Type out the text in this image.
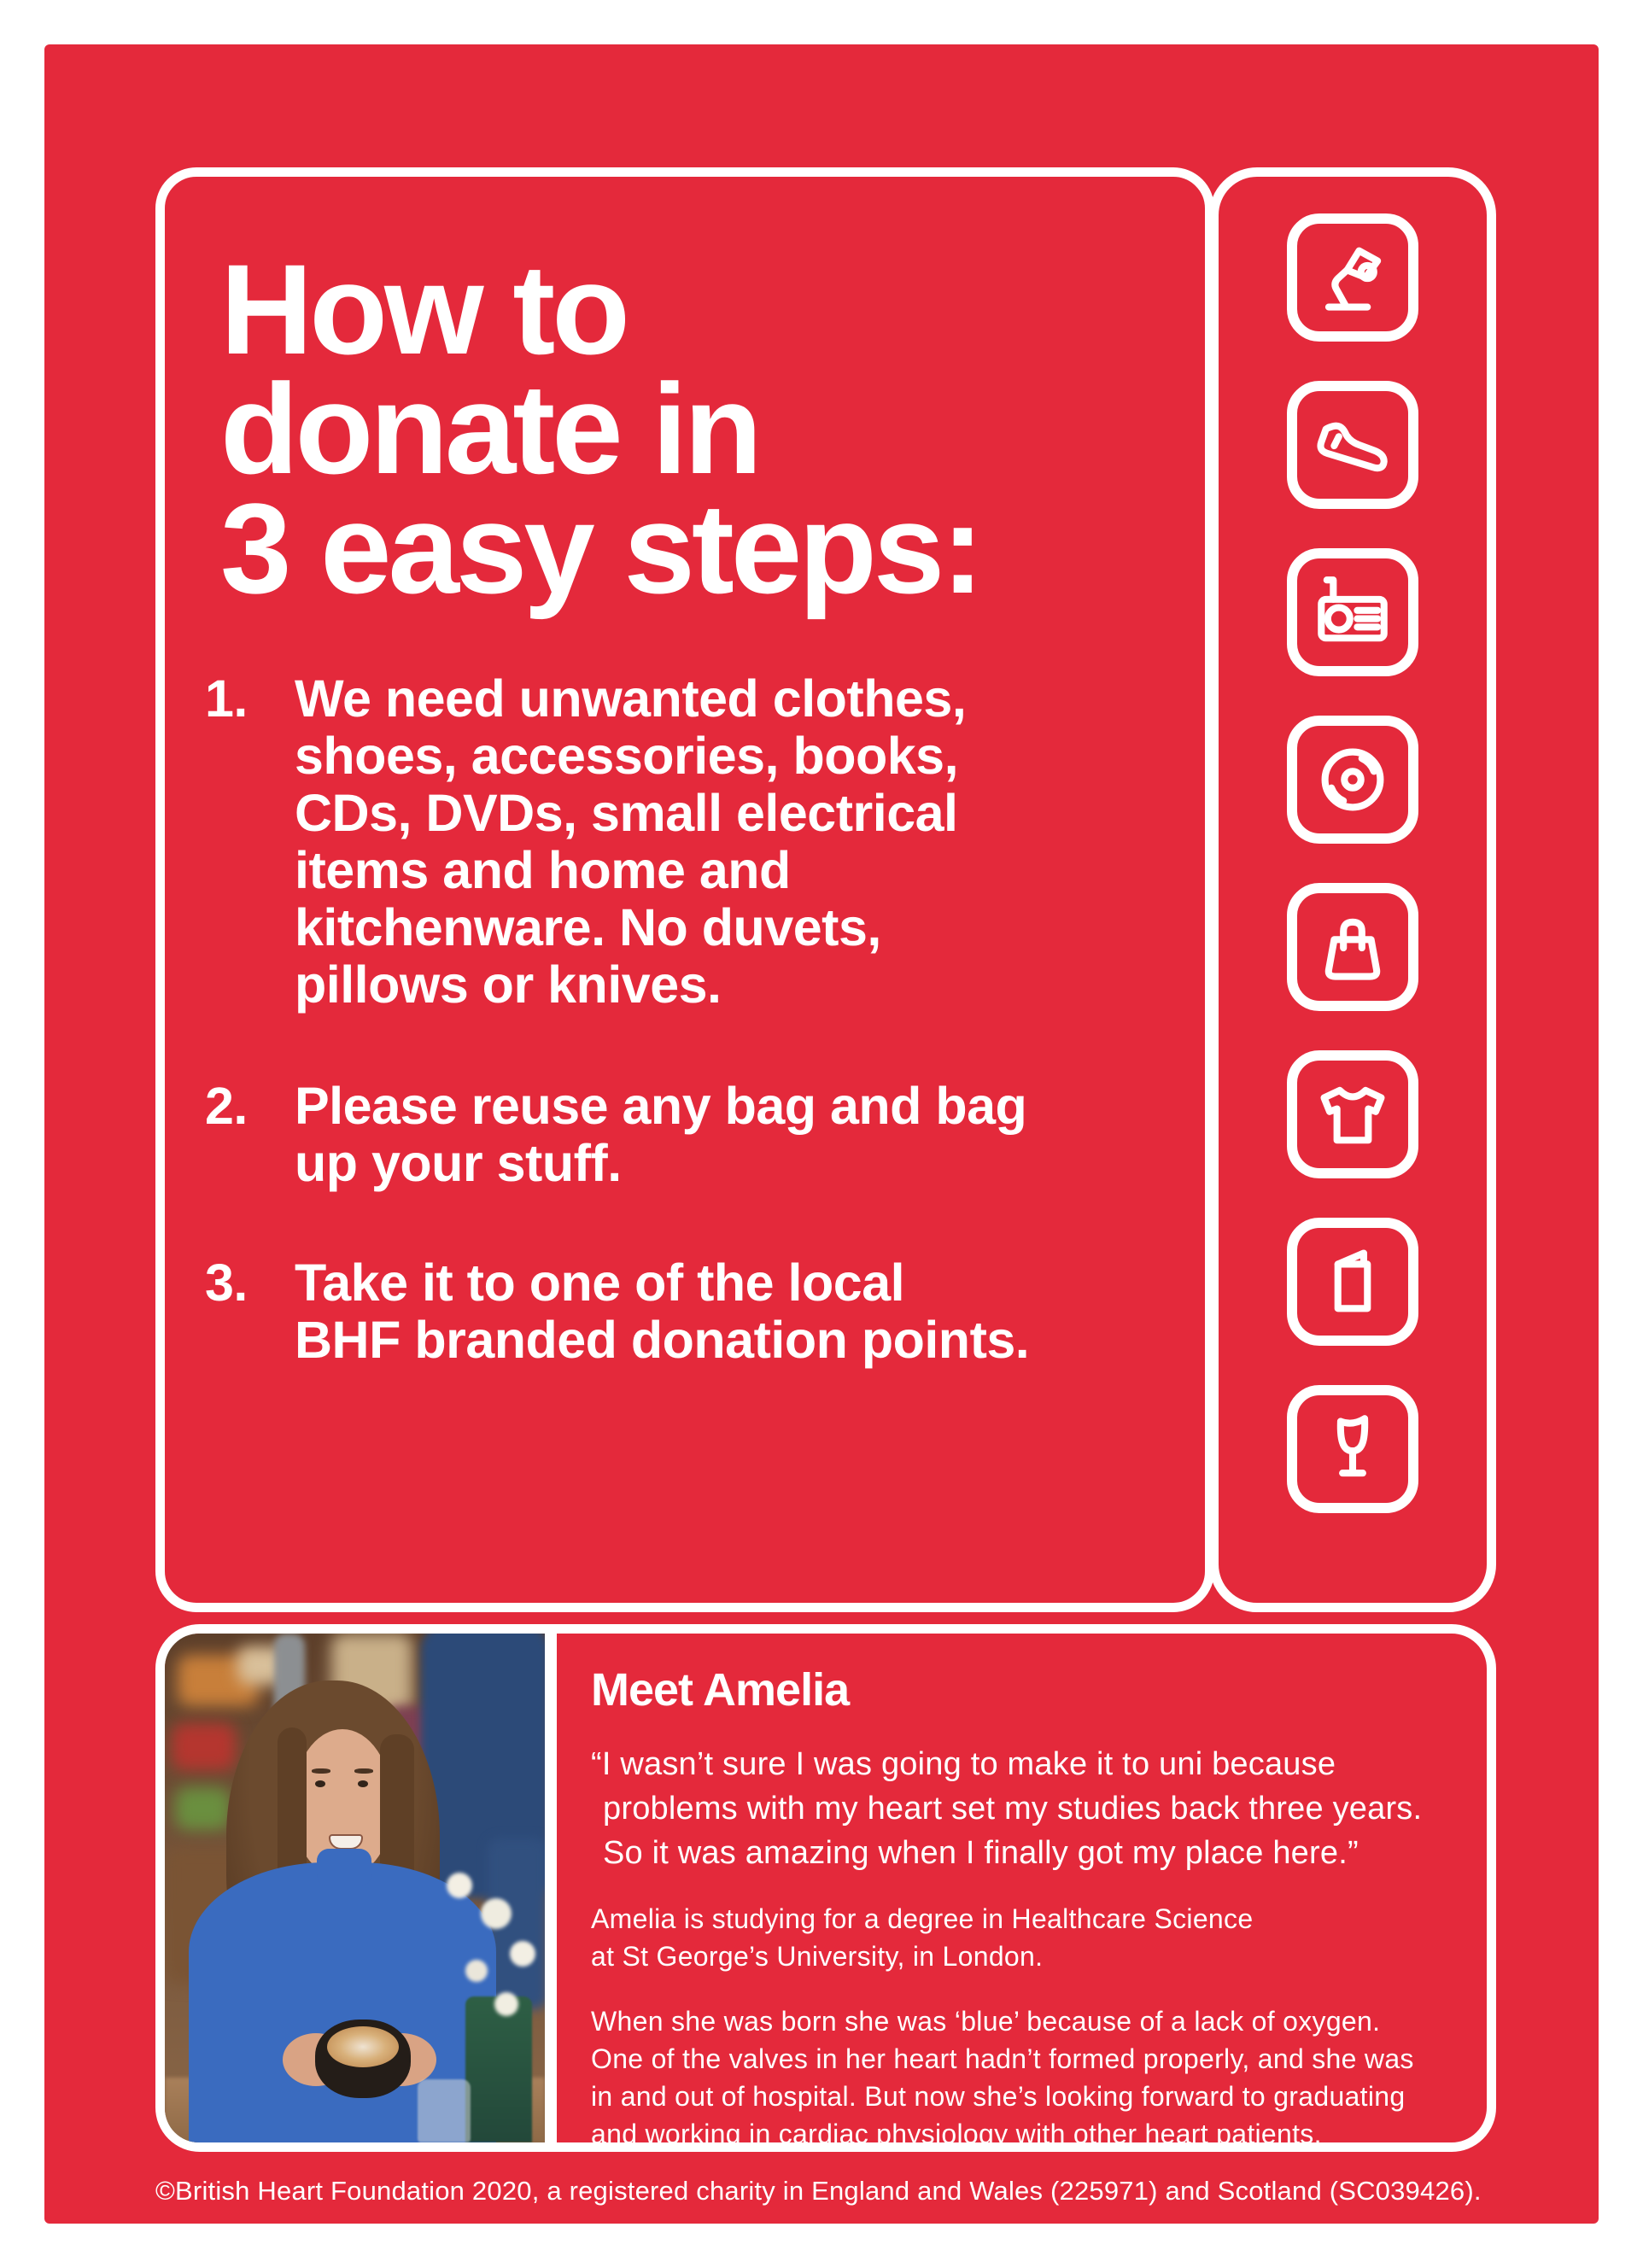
How to
donate in
3 easy steps:
1. We need unwanted clothes,
shoes, accessories, books,
CDs, DVDs, small electrical
items and home and
kitchenware. No duvets,
pillows or knives.
2. Please reuse any bag and bag
up your stuff.
3. Take it to one of the local
BHF branded donation points.
Meet Amelia
“I wasn’t sure I was going to make it to uni because
problems with my heart set my studies back three years.
So it was amazing when I finally got my place here.”
Amelia is studying for a degree in Healthcare Science
at St George’s University, in London.
When she was born she was ‘blue’ because of a lack of oxygen.
One of the valves in her heart hadn’t formed properly, and she was
in and out of hospital. But now she’s looking forward to graduating
and working in cardiac physiology with other heart patients.
©British Heart Foundation 2020, a registered charity in England and Wales (225971) and Scotland (SC039426).
